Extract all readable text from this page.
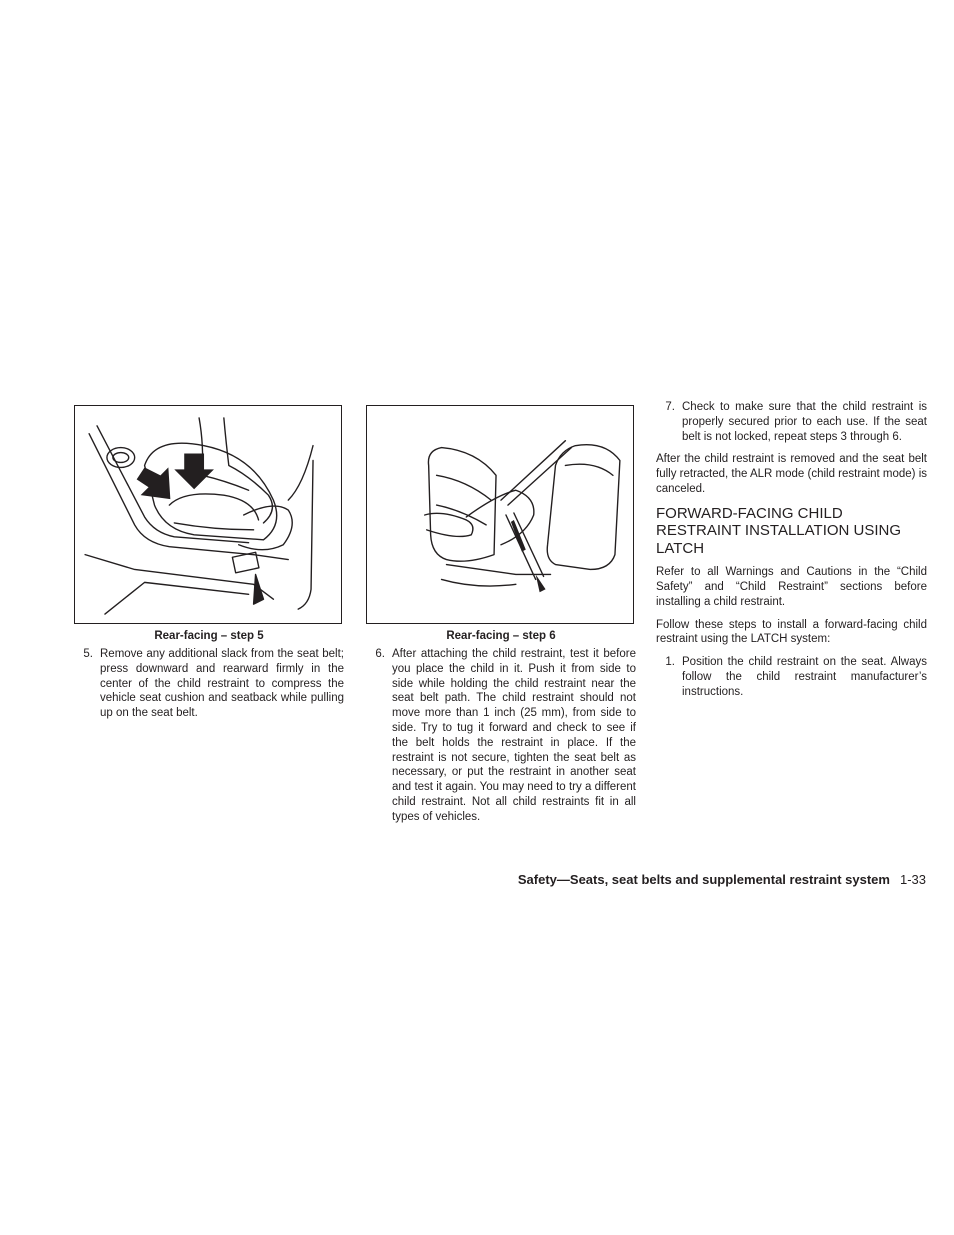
Rear-facing – step 5
5. Remove any additional slack from the seat belt; press downward and rearward firmly in the center of the child restraint to compress the vehicle seat cushion and seatback while pulling up on the seat belt.
Rear-facing – step 6
6. After attaching the child restraint, test it before you place the child in it. Push it from side to side while holding the child restraint near the seat belt path. The child restraint should not move more than 1 inch (25 mm), from side to side. Try to tug it forward and check to see if the belt holds the restraint in place. If the restraint is not secure, tighten the seat belt as necessary, or put the restraint in another seat and test it again. You may need to try a different child restraint. Not all child restraints fit in all types of vehicles.
7. Check to make sure that the child restraint is properly secured prior to each use. If the seat belt is not locked, repeat steps 3 through 6.

After the child restraint is removed and the seat belt fully retracted, the ALR mode (child restraint mode) is canceled.

FORWARD-FACING CHILD RESTRAINT INSTALLATION USING LATCH

Refer to all Warnings and Cautions in the “Child Safety” and “Child Restraint” sections before installing a child restraint.

Follow these steps to install a forward-facing child restraint using the LATCH system:

1. Position the child restraint on the seat. Always follow the child restraint manufacturer’s instructions.
Safety—Seats, seat belts and supplemental restraint system 1-33
